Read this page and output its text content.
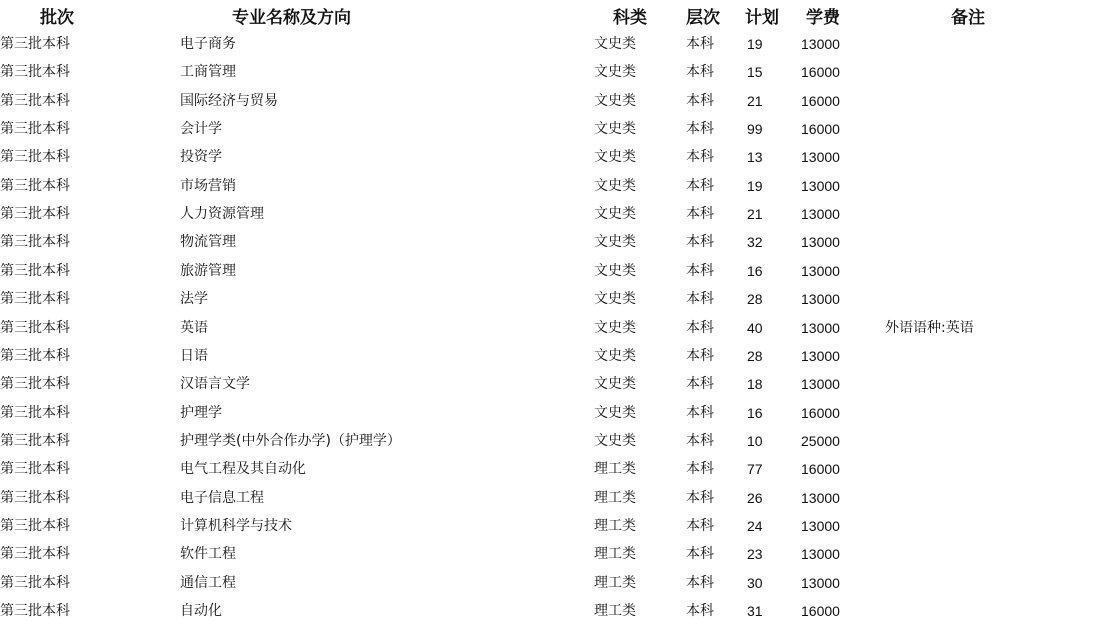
批次	专业名称及方向	科类	层次	计划 学费	备注
第三批本科	电子商务	文史类	本科	19	13000
第三批本科	工商管理	文史类	本科	15	16000
第三批本科	国际经济与贸易	文史类	本科	21	16000
第三批本科	会计学	文史类	本科	99	16000
第三批本科	投资学	文史类	本科	13	13000
第三批本科	市场营销	文史类	本科	19	13000
第三批本科	人力资源管理	文史类	本科	21	13000
第三批本科	物流管理	文史类	本科	32	13000
第三批本科	旅游管理	文史类	本科	16	13000
第三批本科	法学	文史类	本科	28	13000
第三批本科	英语	文史类	本科	40	13000	外语语种:英语
第三批本科	日语	文史类	本科	28	13000
第三批本科	汉语言文学	文史类	本科	18	13000
第三批本科	护理学	文史类	本科	16	16000
第三批本科	护理学类(中外合作办学)（护理学）	文史类	本科	10	25000
第三批本科	电气工程及其自动化	理工类	本科	77	16000
第三批本科	电子信息工程	理工类	本科	26	13000
第三批本科	计算机科学与技术	理工类	本科	24	13000
第三批本科	软件工程	理工类	本科	23	13000
第三批本科	通信工程	理工类	本科	30	13000
第三批本科	自动化	理工类	本科	31	16000
